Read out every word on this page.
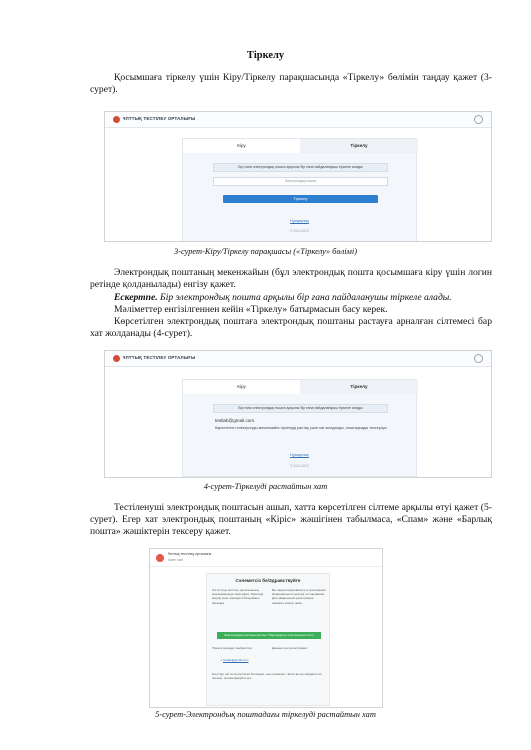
Тіркелу

Қосымшаға тіркелу үшін Кіру/Тіркелу парақшасында «Тіркелу» бөлімін таңдау қажет (3-сурет).

ҰЛТТЫҚ ТЕСТІЛЕУ ОРТАЛЫҒЫ
Кіру	Тіркелу
Бір ғана электрондық пошта арқылы бір ғана пайдаланушы тіркеле алады
Электрондық пошта
Тіркелу
Нұсқаулық
© 2015-2022
3-сурет-Кіру/Тіркелу парақшасы («Тіркелу» бөлімі)

Электрондық поштаның мекенжайын (бұл электрондық пошта қосымшаға кіру үшін логин ретінде қолданылады) енгізу қажет.

Ескертпе. Бір электрондық пошта арқылы бір ғана пайдаланушы тіркеле алады.

Мәліметтер енгізілгеннен кейін «Тіркелу» батырмасын басу керек.

Көрсетілген электрондық поштаға электрондық поштаны растауға арналған сілтемесі бар хат жолданады (4-сурет).

ҰЛТТЫҚ ТЕСТІЛЕУ ОРТАЛЫҒЫ
Кіру	Тіркелу
Бір ғана электрондық пошта арқылы бір ғана пайдаланушы тіркеле алады
testlab@gmail.com
Көрсетілген электронды мекенжайға тіркелуді растау үшін хат жолданды, поштаңызды тексеріңіз.
Нұсқаулық
© 2015-2022
4-сурет-Тіркелуді растайтын хат

Тестіленуші электрондық поштасын ашып, хатта көрсетілген сілтеме арқылы өтуі қажет (5-сурет). Егер хат электрондық поштаның «Кіріс» жәшігінен табылмаса, «Спам» және «Барлық пошта» жәшіктерін тексеру қажет.

Ұлттық тестілеу орталығы
Кімге: мен
Сәлеметсіз бе/Здравствуйте
Сіз Ұлттық тестілеу орталығының қосымшасында тіркелдіңіз. Тіркелуді аяқтау үшін төмендегі батырманы басыңыз.
Вы зарегистрировались в приложении Национального центра тестирования. Для завершения регистрации нажмите кнопку ниже.
Электрондық поштаны растау / Подтвердить электронную почту
Тіркелу кезіндегі мәліметтер:	Данные при регистрации:
▪ testlab@gmail.com
Егер бұл хатты сіз күтпеген болсаңыз, оны елемеңіз. / Если вы не ожидали это письмо, проигнорируйте его.
5-сурет-Электрондық поштадағы тіркелуді растайтын хат
